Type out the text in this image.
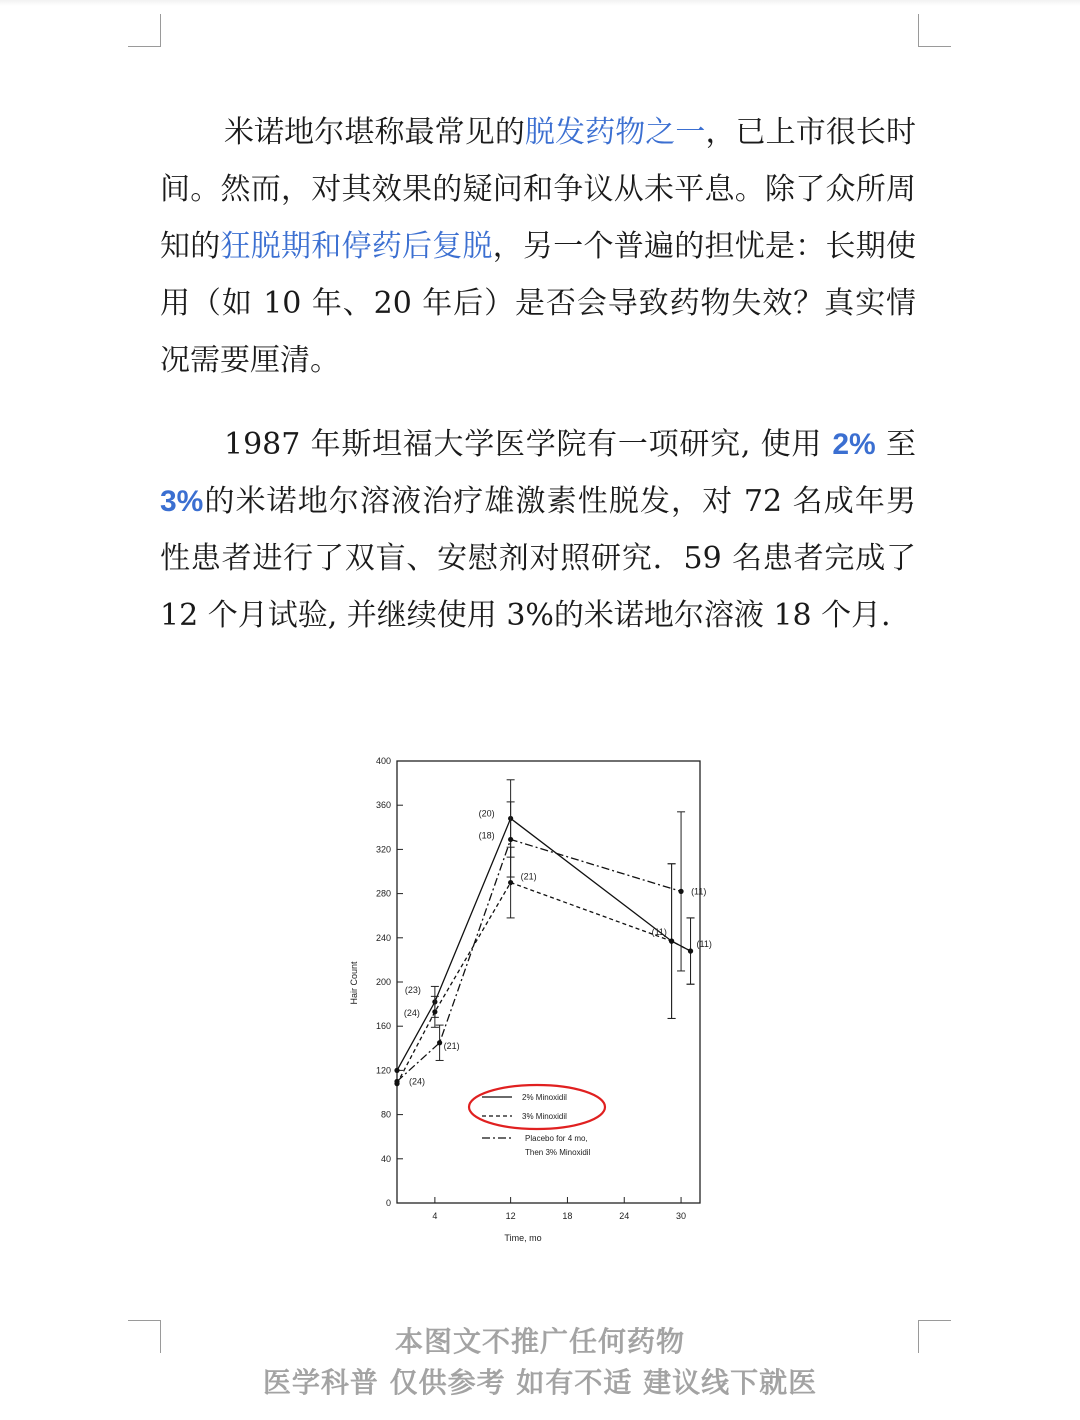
米诺地尔堪称最常见的脱发药物之一，已上市很长时间。然而，对其效果的疑问和争议从未平息。除了众所周知的狂脱期和停药后复脱，另一个普遍的担忧是：长期使用（如 10 年、20 年后）是否会导致药物失效？真实情况需要厘清。

1987 年斯坦福大学医学院有一项研究, 使用 2% 至 3%的米诺地尔溶液治疗雄激素性脱发，对 72 名成年男性患者进行了双盲、安慰剂对照研究．59 名患者完成了 12 个月试验, 并继续使用 3%的米诺地尔溶液 18 个月．

0
40
80
120
160
200
240
280
320
360
400
4	12	18	24	30
(23)
(20)
(11)
(11)
(24)
(21)
(24)
(21)
(18)
(11)
2% Minoxidil
3% Minoxidil
Placebo for 4 mo,
Then 3% Minoxidil
Hair Count
Time, mo
本图文不推广任何药物
医学科普 仅供参考 如有不适 建议线下就医
